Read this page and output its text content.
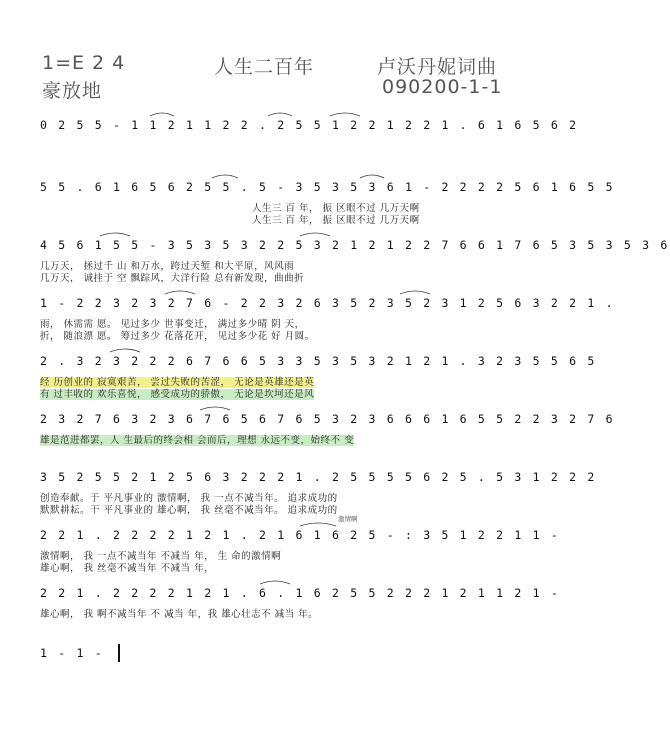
1=E 2 4	人生二百年	卢沃丹妮词曲
豪放地	090200-1-1
0 2 5 5 - 1 1 2 1 1 2 2 . 2 5 5 1 2 2 1 2 2 1 . 6 1 6 5 6 2
5 5 . 6 1 6 5 6 2 5 5 . 5 - 3 5 3 5 3 6 1 - 2 2 2 2 5 6 1 6 5 5
人生三 百 年， 振 区眼不过 几万天啊
人生三 百 年， 振 区眼不过 几万天啊
4 5 6 1 5 5 - 3 5 3 5 3 2 2 5 3 2 1 2 1 2 2 7 6 6 1 7 6 5 3 5 3 5 3 6
几万天， 拯过千 山 和万水，跨过天堑 和大平原，风风雨
几万天， 诚挂于 空 飘踪风，大洋行险 总有新发现，曲曲折
1 - 2 2 3 2 3 2 7 6 - 2 2 3 2 6 3 5 2 3 5 2 3 1 2 5 6 3 2 2 1 .
雨， 休需需 愿。 见过多少 世事变迁， 满过多少晴 阴 天，
折， 随浪漂 愿。 筹过多少 花落花开， 见过多少花 好 月圆。
2 . 3 2 3 2 2 2 6 7 6 6 5 3 3 5 3 5 3 2 1 2 1 . 3 2 3 5 5 6 5
经 历创业的 寂寞艰苦， 尝过失败的苦涩， 无论是英雄还是英
有 过丰收的 欢乐喜悦， 感受成功的骄傲， 无论是坎坷还是风
2 3 2 7 6 3 2 3 6 7 6 5 6 7 6 5 3 2 3 6 6 6 1 6 5 5 2 2 3 2 7 6
雄是范进都罢，人 生最后的终会相 会而后，理想 永远不变，始终不 变
3 5 2 5 5 2 1 2 5 6 3 2 2 2 1 . 2 5 5 5 5 6 2 5 . 5 3 1 2 2 2
创造奉献。于 平凡事业的 激情啊， 我 一点不减当年。 追求成功的
默默耕耘。干 平凡事业的 雄心啊， 我 丝毫不减当年。 追求成功的
激情啊
2 2 1 . 2 2 2 2 1 2 1 . 2 1 6 1 6 2 5 - : 3 5 1 2 2 1 1 -
激情啊， 我 一点不减当年 不减当 年， 生 命的激情啊
雄心啊， 我 丝毫不减当年 不减当 年，
2 2 1 . 2 2 2 2 1 2 1 . 6 . 1 6 2 5 5 2 2 2 1 2 1 1 2 1 -
雄心啊， 我 啊不减当年 不 减当 年，我 雄心壮志不 减当 年。
1 - 1 -
